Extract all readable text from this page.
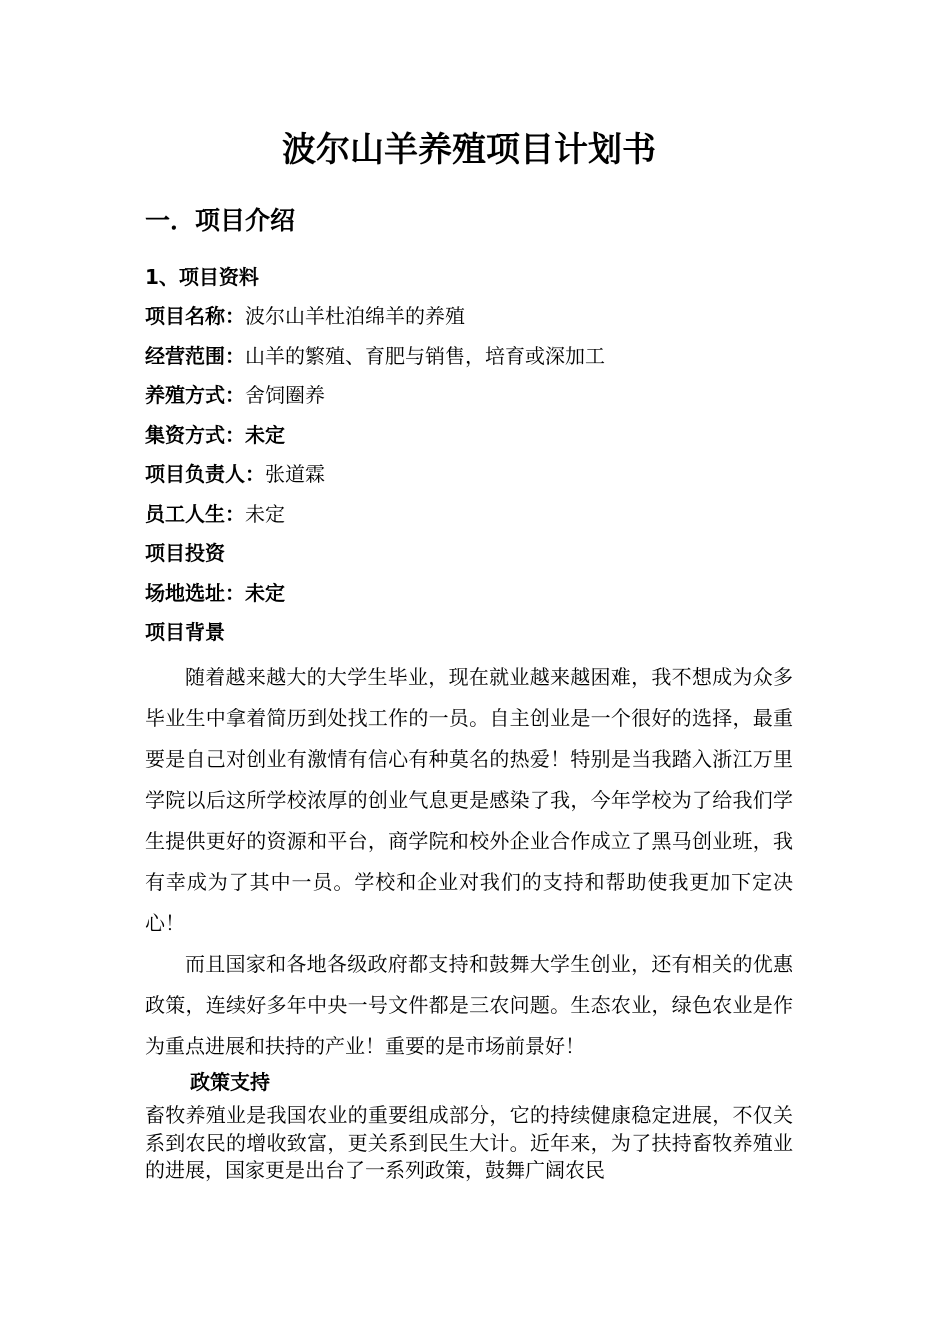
波尔山羊养殖项目计划书
一．项目介绍
1、项目资料
项目名称：波尔山羊杜泊绵羊的养殖
经营范围：山羊的繁殖、育肥与销售，培育或深加工
养殖方式：舍饲圈养
集资方式：未定
项目负责人：张道霖
员工人生：未定
项目投资
场地选址：未定
项目背景

随着越来越大的大学生毕业，现在就业越来越困难，我不想成为众多毕业生中拿着简历到处找工作的一员。自主创业是一个很好的选择，最重要是自己对创业有激情有信心有种莫名的热爱！特别是当我踏入浙江万里学院以后这所学校浓厚的创业气息更是感染了我，今年学校为了给我们学生提供更好的资源和平台，商学院和校外企业合作成立了黑马创业班，我有幸成为了其中一员。学校和企业对我们的支持和帮助使我更加下定决心！

而且国家和各地各级政府都支持和鼓舞大学生创业，还有相关的优惠政策，连续好多年中央一号文件都是三农问题。生态农业，绿色农业是作为重点进展和扶持的产业！重要的是市场前景好！

政策支持

畜牧养殖业是我国农业的重要组成部分，它的持续健康稳定进展，不仅关系到农民的增收致富，更关系到民生大计。近年来，为了扶持畜牧养殖业的进展，国家更是出台了一系列政策，鼓舞广阔农民
